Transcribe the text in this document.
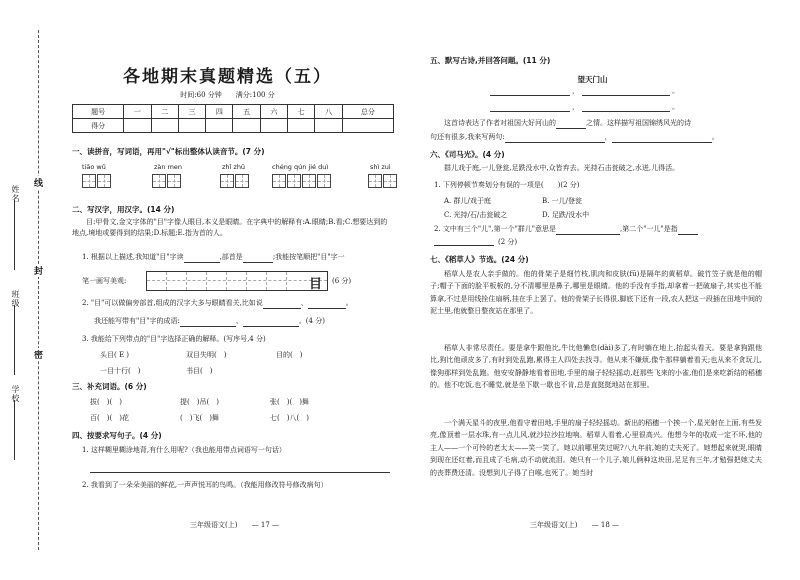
姓名
班级
学校
线
封
密
各地期末真题精选（五）
时间:60 分钟　　满分:100 分
题号	一	二	三	四	五	六	七	八	总分
得分									
一、读拼音，写词语，再用"√"标出整体认读音节。(7 分)
tiāo wǔ	zàn men	zhǐ zhǔ	chéng qún jié duì	shì zuì
二、写汉字，用汉字。(14 分)
目:甲骨文,金文字体的"目"字像人眼目,本义是眼睛。在字典中的解释有:A.眼睛;B.看;C.想要达到的地点,境地或要得到的结果;D.标题;E.指为首的人。
1. 根据以上描述,我知道"目"字读	,部首是	;我能按笔顺把"目"字一
笔一画写美观:	目 (6 分)
2. "目"可以做偏旁部首,组成的汉字大多与眼睛看关,比如说	、	。
我还能写带有"目"字的成语:	、	。(4 分)
3. 我能给下列带点的"目"字选择正确的解释。(写序号,4 分)
头目( E )	双目失明(　)	目的(　)
一目十行(　)	书目(　)
三、补充词语。(6 分)
拔(　)(　)	提(　)吊(　)	张(　)(　)舞
百(　)(　)花	(　)飞(　)舞	七(　)八(　)
四、按要求写句子。(4 分)
1. 这样糊里糊涂地背,有什么用呢?（我也能用带点词语写一句话）
2. 我看到了一朵朵美丽的鲜花,一声声悦耳的鸟鸣。（我能用修改符号修改病句）
三年级语文(上) — 17 —
五、默写古诗,并回答问题。(11 分)
望天门山
，	。
，	。
这首诗表达了作者对祖国大好河山的	之情。这样描写祖国锦绣风光的诗
句还有很多,我来写两句:	，	。
六、《司马光》。(4 分)
群儿戏于庭,一儿登瓮,足跌没水中,众皆弃去。光持石击瓮破之,水迸,儿得活。
1. 下列停顿节奏划分有误的一项是(　　)(2 分)
A. 群儿/戏于庭	B. 一儿/登瓮
C. 光持/石/击瓮破之	D. 足跌/没水中
2. 文中有三个"儿",第一个"群儿"意思是	,第二个"一儿"是指
(2 分)
七、《稻草人》节选。(24 分)
稻草人是农人亲手做的。他的骨架子是细竹枝,肌肉和皮肤(fū)是隔年的黄稻草。破竹笠子就是他的帽子;帽子下面的脸平板板的,分不清哪里是鼻子,哪里是眼睛。他的手没有手指,却拿着一把破扇子,其实也不能算拿,不过是用线拴住扇柄,挂在手上罢了。他的骨架子长得很,脚底下还有一段,农人把这一段插在田地中间的泥土里,他就整日整夜站在那里了。
稻草人非常尽责任。要是拿牛跟他比,牛比他懒怠(dài)多了,有时躺在地上,抬起头看天。要是拿狗跟他比,狗比他顽皮多了,有时到处乱跑,累得主人四处去找寻。他从来不嫌烦,像牛那样躺着看天;也从来不贪玩儿,像狗那样到处乱跑。他安安静静地看着田地,手里的扇子轻轻摇动,赶那些飞来的小雀,他们是来吃新结的稻穗的。他不吃饭,也不睡觉,就是坐下歇一歇也不肯,总是直挺挺地站在那里。
一个满天星斗的夜里,他看守着田地,手里的扇子轻轻摇动。新出的稻穗一个挨一个,星光射在上面,有些发亮,像顶着一层水珠,有一点儿风,就沙拉沙拉地响。稻草人看着,心里很高兴。他想今年的收成一定不坏,他的主人——一个可怜的老太太——笑一笑了。她以前哪里笑过呢?八九年前,她的丈夫死了。她想起来就哭,眼睛到现在还红着,而且成了毛病,动不动就流泪。她只有一个儿子,娘儿俩种这块田,足足有三年,才勉强把她丈夫的丧葬费还清。没想到儿子得了白喉,也死了。她当时
三年级语文(上) — 18 —
